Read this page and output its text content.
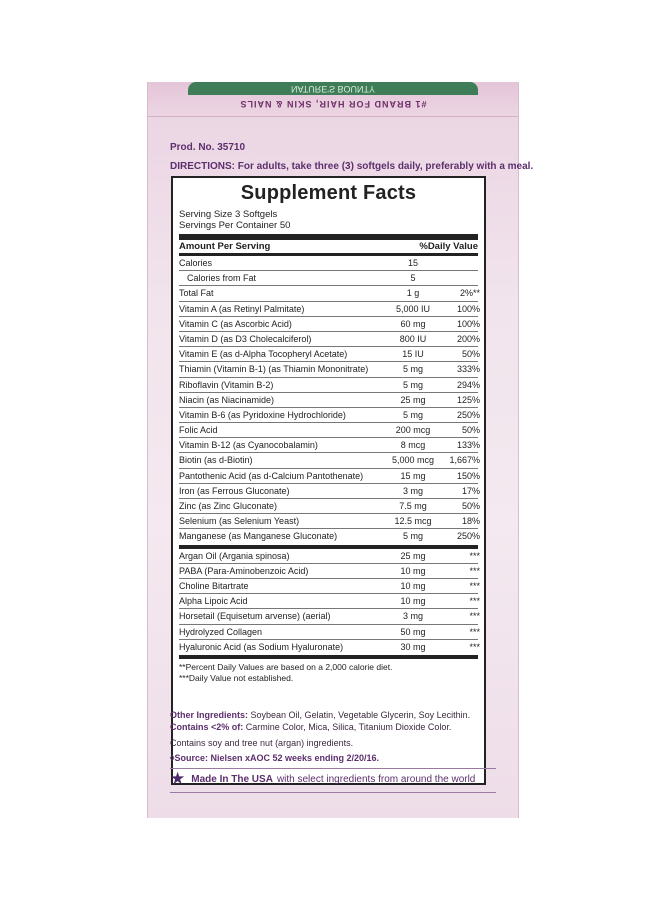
NATURE'S BOUNTY
#1 BRAND FOR HAIR, SKIN & NAILS
Prod. No. 35710
DIRECTIONS: For adults, take three (3) softgels daily, preferably with a meal.
Supplement Facts
Serving Size 3 Softgels
Servings Per Container 50
Amount Per Serving	%Daily Value
Calories	15
Calories from Fat	5
Total Fat	1 g	2%**
Vitamin A (as Retinyl Palmitate)	5,000 IU	100%
Vitamin C (as Ascorbic Acid)	60 mg	100%
Vitamin D (as D3 Cholecalciferol)	800 IU	200%
Vitamin E (as d-Alpha Tocopheryl Acetate)	15 IU	50%
Thiamin (Vitamin B-1) (as Thiamin Mononitrate)	5 mg	333%
Riboflavin (Vitamin B-2)	5 mg	294%
Niacin (as Niacinamide)	25 mg	125%
Vitamin B-6 (as Pyridoxine Hydrochloride)	5 mg	250%
Folic Acid	200 mcg	50%
Vitamin B-12 (as Cyanocobalamin)	8 mcg	133%
Biotin (as d-Biotin)	5,000 mcg	1,667%
Pantothenic Acid (as d-Calcium Pantothenate)	15 mg	150%
Iron (as Ferrous Gluconate)	3 mg	17%
Zinc (as Zinc Gluconate)	7.5 mg	50%
Selenium (as Selenium Yeast)	12.5 mcg	18%
Manganese (as Manganese Gluconate)	5 mg	250%
Argan Oil (Argania spinosa)	25 mg	***
PABA (Para-Aminobenzoic Acid)	10 mg	***
Choline Bitartrate	10 mg	***
Alpha Lipoic Acid	10 mg	***
Horsetail (Equisetum arvense) (aerial)	3 mg	***
Hydrolyzed Collagen	50 mg	***
Hyaluronic Acid (as Sodium Hyaluronate)	30 mg	***
**Percent Daily Values are based on a 2,000 calorie diet.
***Daily Value not established.
Other Ingredients: Soybean Oil, Gelatin, Vegetable Glycerin, Soy Lecithin.
Contains <2% of: Carmine Color, Mica, Silica, Titanium Dioxide Color.
Contains soy and tree nut (argan) ingredients.
◊Source: Nielsen xAOC 52 weeks ending 2/20/16.
★ Made In The USA with select ingredients from around the world
